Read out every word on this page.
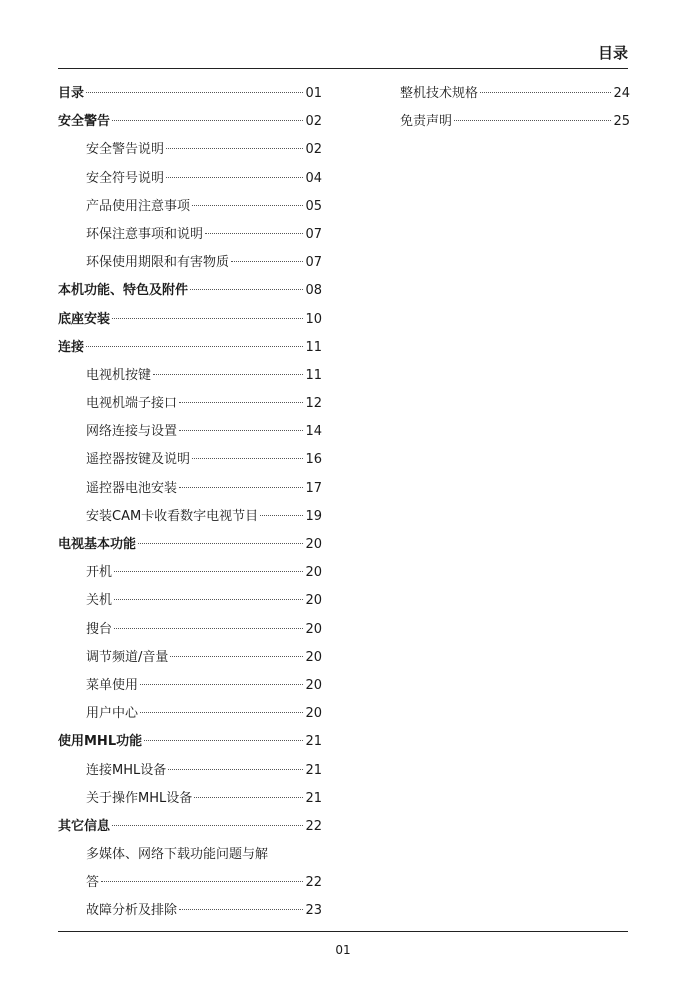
目录
目录	01
安全警告	02
安全警告说明	02
安全符号说明	04
产品使用注意事项	05
环保注意事项和说明	07
环保使用期限和有害物质	07
本机功能、特色及附件	08
底座安装	10
连接	11
电视机按键	11
电视机端子接口	12
网络连接与设置	14
遥控器按键及说明	16
遥控器电池安装	17
安装CAM卡收看数字电视节目	19
电视基本功能	20
开机	20
关机	20
搜台	20
调节频道/音量	20
菜单使用	20
用户中心	20
使用MHL功能	21
连接MHL设备	21
关于操作MHL设备	21
其它信息	22
多媒体、网络下载功能问题与解
答	22
故障分析及排除	23
整机技术规格	24
免责声明	25
01
